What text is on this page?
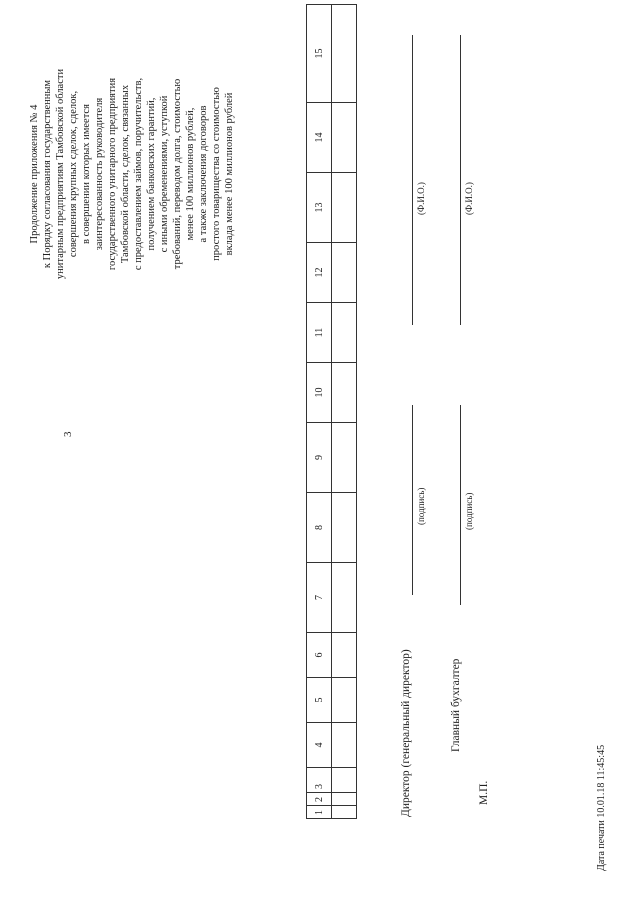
3
Продолжение приложения № 4 к Порядку согласования государственным унитарным предприятиям Тамбовской области совершения крупных сделок, сделок, в совершении которых имеется заинтересованность руководителя государственного унитарного предприятия Тамбовской области, сделок, связанных с предоставлением займов, поручительств, получением банковских гарантий, с иными обременениями, уступкой требований, переводом долга, стоимостью менее 100 миллионов рублей, а также заключения договоров простого товарищества со стоимостью вклада менее 100 миллионов рублей
1	2	3	4	5	6	7	8	9	10	11	12	13	14	15

Директор (генеральный директор)
(подпись)
(Ф.И.О.)
Главный бухгалтер
(подпись)
(Ф.И.О.)
М.П.	Дата печати 10.01.18 11:45:45
